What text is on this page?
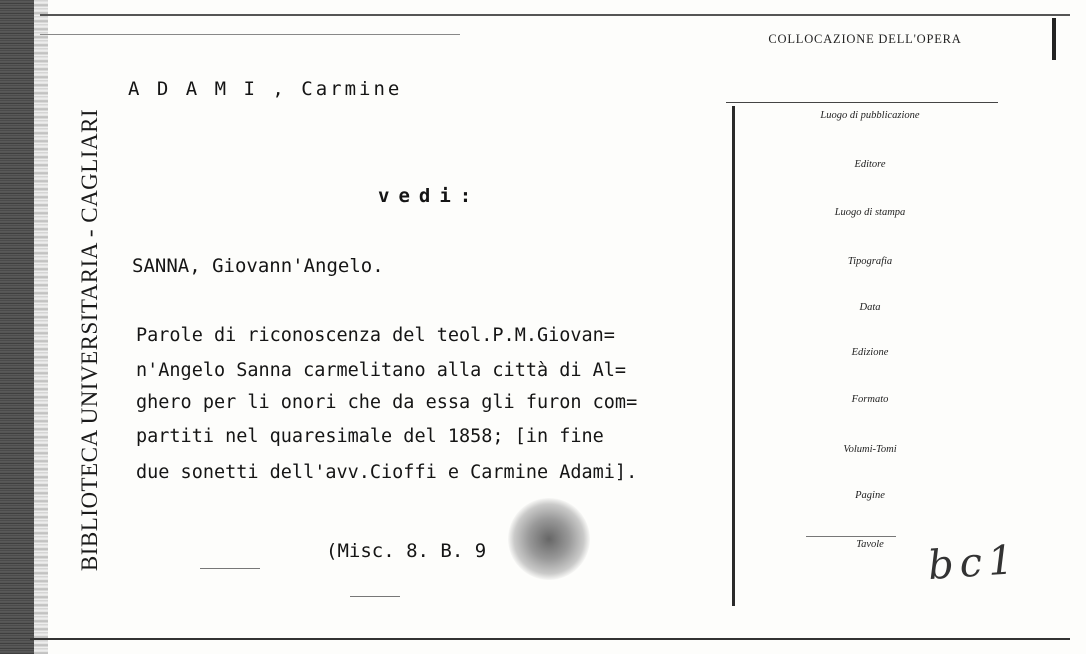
BIBLIOTECA UNIVERSITARIA - CAGLIARI
A D A M I , Carmine
vedi:
SANNA, Giovann'Angelo.
Parole di riconoscenza del teol.P.M.Giovan=
n'Angelo Sanna carmelitano alla città di Al=
ghero per li onori che da essa gli furon com=
partiti nel quaresimale del 1858; [in fine
due sonetti dell'avv.Cioffi e Carmine Adami].
(Misc. 8. B. 9
COLLOCAZIONE DELL'OPERA
Luogo di pubblicazione
Editore
Luogo di stampa
Tipografia
Data
Edizione
Formato
Volumi-Tomi
Pagine
Tavole	bc1
